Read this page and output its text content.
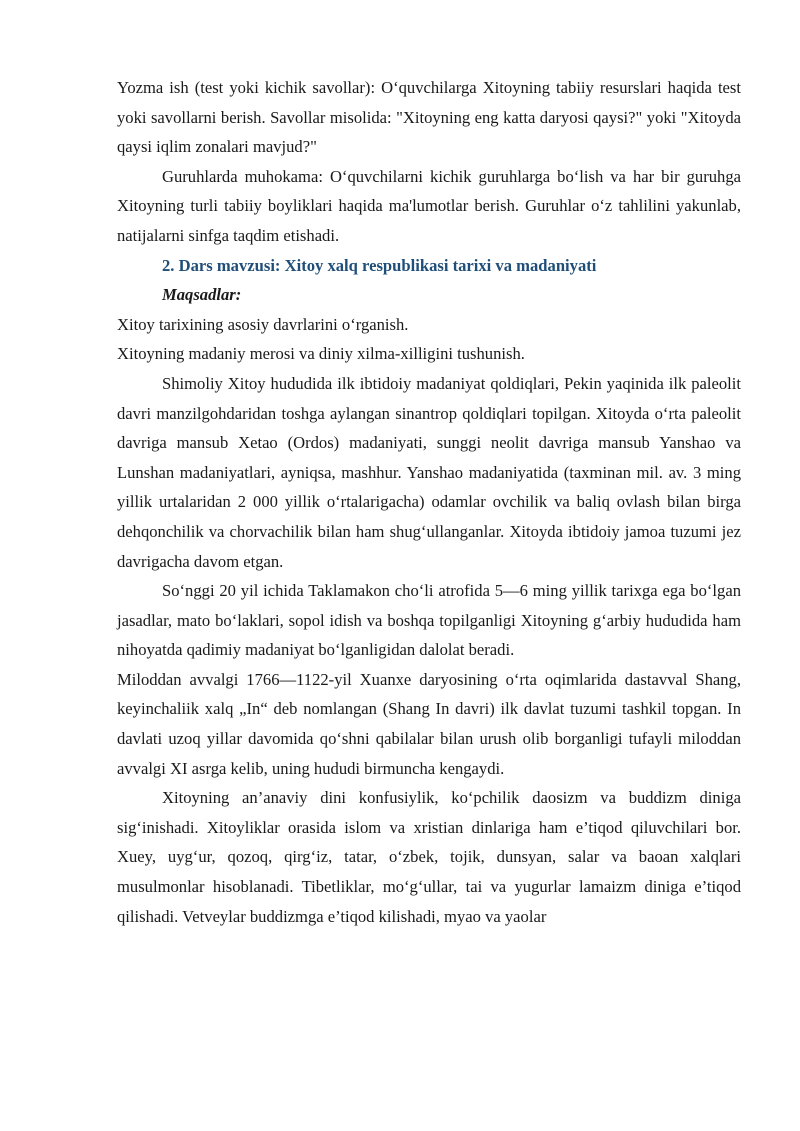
Yozma ish (test yoki kichik savollar): O‘quvchilarga Xitoyning tabiiy resurslari haqida test yoki savollarni berish. Savollar misolida: "Xitoyning eng katta daryosi qaysi?" yoki "Xitoyda qaysi iqlim zonalari mavjud?"

Guruhlarda muhokama: O‘quvchilarni kichik guruhlarga bo‘lish va har bir guruhga Xitoyning turli tabiiy boyliklari haqida ma'lumotlar berish. Guruhlar o‘z tahlilini yakunlab, natijalarni sinfga taqdim etishadi.

2. Dars mavzusi: Xitoy xalq respublikasi tarixi va madaniyati

Maqsadlar:

Xitoy tarixining asosiy davrlarini o‘rganish.

Xitoyning madaniy merosi va diniy xilma-xilligini tushunish.

Shimoliy Xitoy hududida ilk ibtidoiy madaniyat qoldiqlari, Pekin yaqinida ilk paleolit davri manzilgohdaridan toshga aylangan sinantrop qoldiqlari topilgan. Xitoyda o‘rta paleolit davriga mansub Xetao (Ordos) madaniyati, sunggi neolit davriga mansub Yanshao va Lunshan madaniyatlari, ayniqsa, mashhur. Yanshao madaniyatida (taxminan mil. av. 3 ming yillik urtalaridan 2 000 yillik o‘rtalarigacha) odamlar ovchilik va baliq ovlash bilan birga dehqonchilik va chorvachilik bilan ham shug‘ullanganlar. Xitoyda ibtidoiy jamoa tuzumi jez davrigacha davom etgan.

So‘nggi 20 yil ichida Taklamakon cho‘li atrofida 5—6 ming yillik tarixga ega bo‘lgan jasadlar, mato bo‘laklari, sopol idish va boshqa topilganligi Xitoyning g‘arbiy hududida ham nihoyatda qadimiy madaniyat bo‘lganligidan dalolat beradi.

Miloddan avvalgi 1766—1122-yil Xuanxe daryosining o‘rta oqimlarida dastavval Shang, keyinchaliik xalq „In“ deb nomlangan (Shang In davri) ilk davlat tuzumi tashkil topgan. In davlati uzoq yillar davomida qo‘shni qabilalar bilan urush olib borganligi tufayli miloddan avvalgi XI asrga kelib, uning hududi birmuncha kengaydi.

Xitoyning an’anaviy dini konfusiylik, ko‘pchilik daosizm va buddizm diniga sig‘inishadi. Xitoyliklar orasida islom va xristian dinlariga ham e’tiqod qiluvchilari bor. Xuey, uyg‘ur, qozoq, qirg‘iz, tatar, o‘zbek, tojik, dunsyan, salar va baoan xalqlari musulmonlar hisoblanadi. Tibetliklar, mo‘g‘ullar, tai va yugurlar lamaizm diniga e’tiqod qilishadi. Vetveylar buddizmga e’tiqod kilishadi, myao va yaolar
